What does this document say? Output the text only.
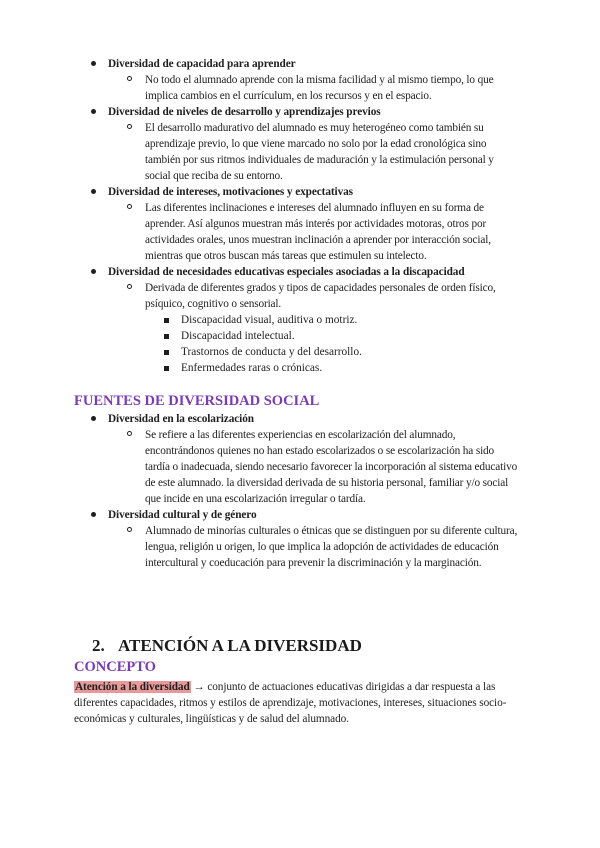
Diversidad de capacidad para aprender
No todo el alumnado aprende con la misma facilidad y al mismo tiempo, lo que implica cambios en el currículum, en los recursos y en el espacio.
Diversidad de niveles de desarrollo y aprendizajes previos
El desarrollo madurativo del alumnado es muy heterogéneo como también su aprendizaje previo, lo que viene marcado no solo por la edad cronológica sino también por sus ritmos individuales de maduración y la estimulación personal y social que reciba de su entorno.
Diversidad de intereses, motivaciones y expectativas
Las diferentes inclinaciones e intereses del alumnado influyen en su forma de aprender. Así algunos muestran más interés por actividades motoras, otros por actividades orales, unos muestran inclinación a aprender por interacción social, mientras que otros buscan más tareas que estimulen su intelecto.
Diversidad de necesidades educativas especiales asociadas a la discapacidad
Derivada de diferentes grados y tipos de capacidades personales de orden físico, psíquico, cognitivo o sensorial.
Discapacidad visual, auditiva o motriz.
Discapacidad intelectual.
Trastornos de conducta y del desarrollo.
Enfermedades raras o crónicas.
FUENTES DE DIVERSIDAD SOCIAL
Diversidad en la escolarización
Se refiere a las diferentes experiencias en escolarización del alumnado, encontrándonos quienes no han estado escolarizados o se escolarización ha sido tardía o inadecuada, siendo necesario favorecer la incorporación al sistema educativo de este alumnado. la diversidad derivada de su historia personal, familiar y/o social que incide en una escolarización irregular o tardía.
Diversidad cultural y de género
Alumnado de minorías culturales o étnicas que se distinguen por su diferente cultura, lengua, religión u origen, lo que implica la adopción de actividades de educación intercultural y coeducación para prevenir la discriminación y la marginación.
2. ATENCIÓN A LA DIVERSIDAD
CONCEPTO
Atención a la diversidad → conjunto de actuaciones educativas dirigidas a dar respuesta a las diferentes capacidades, ritmos y estilos de aprendizaje, motivaciones, intereses, situaciones socio-económicas y culturales, lingüísticas y de salud del alumnado.
